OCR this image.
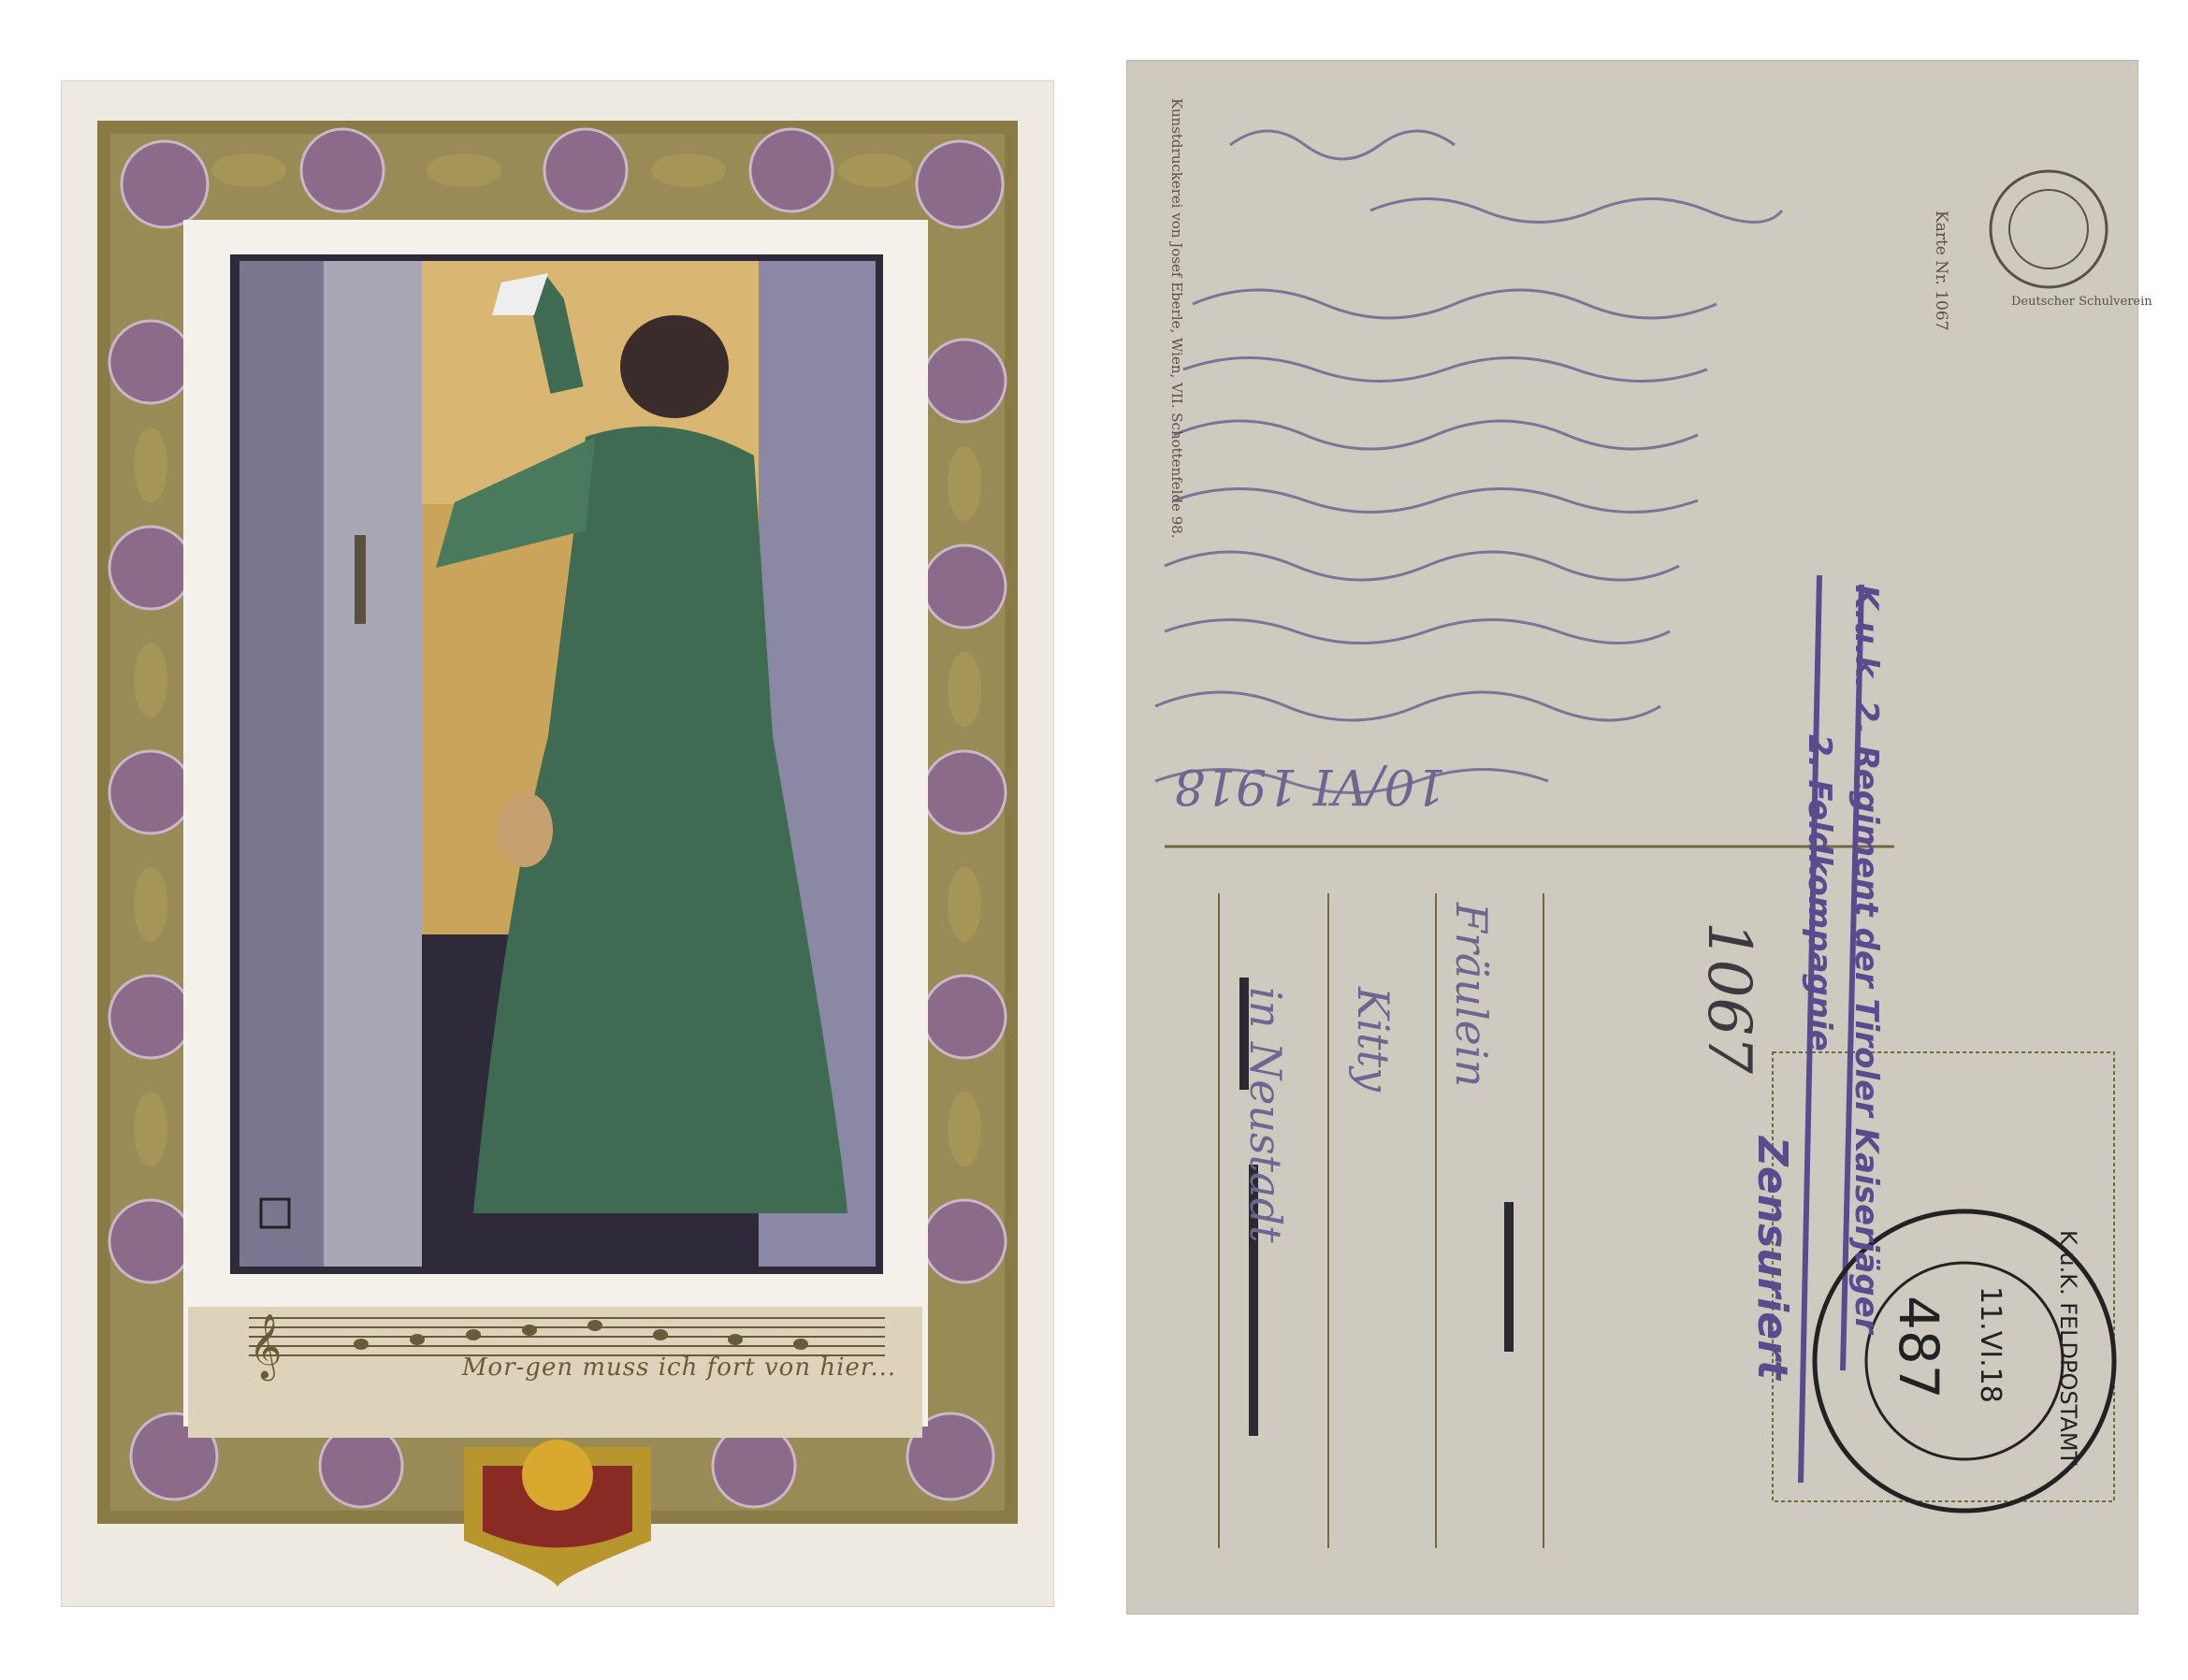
𝄞	Mor-gen muss ich fort von hier...
10/VI 1918
1067
Fräulein
Kitty
in Neustadt
Kunstdruckerei von Josef Eberle, Wien, VII. Schottenfelde 98.	Karte Nr. 1067	Deutscher Schulverein
K.u.k. 2. Regiment der Tiroler Kaiserjäger
2. Feldkompagnie
Zensuriert	K.u.K. FELDPOSTAMT
11.VI.18
487
